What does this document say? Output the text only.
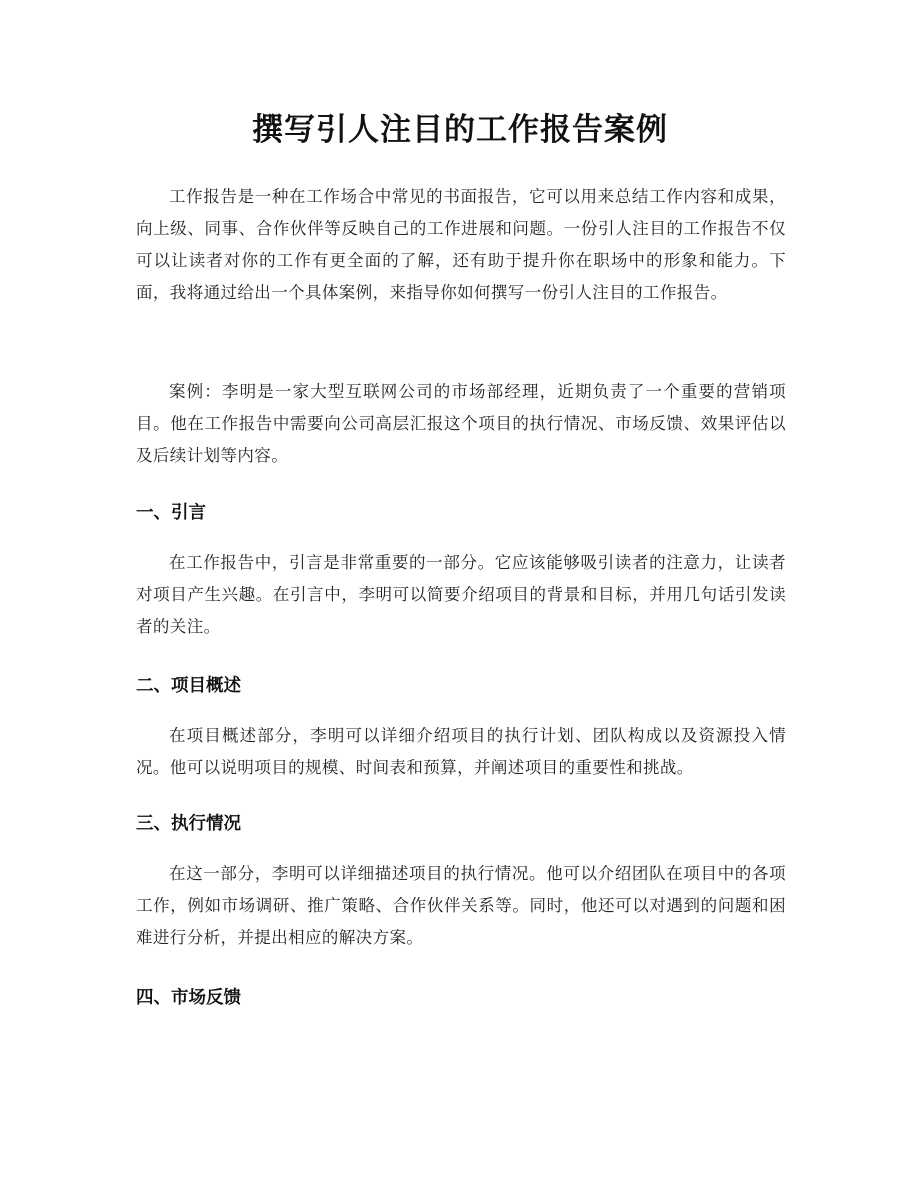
撰写引人注目的工作报告案例

工作报告是一种在工作场合中常见的书面报告，它可以用来总结工作内容和成果，向上级、同事、合作伙伴等反映自己的工作进展和问题。一份引人注目的工作报告不仅可以让读者对你的工作有更全面的了解，还有助于提升你在职场中的形象和能力。下面，我将通过给出一个具体案例，来指导你如何撰写一份引人注目的工作报告。

案例：李明是一家大型互联网公司的市场部经理，近期负责了一个重要的营销项目。他在工作报告中需要向公司高层汇报这个项目的执行情况、市场反馈、效果评估以及后续计划等内容。

一、引言

在工作报告中，引言是非常重要的一部分。它应该能够吸引读者的注意力，让读者对项目产生兴趣。在引言中，李明可以简要介绍项目的背景和目标，并用几句话引发读者的关注。

二、项目概述

在项目概述部分，李明可以详细介绍项目的执行计划、团队构成以及资源投入情况。他可以说明项目的规模、时间表和预算，并阐述项目的重要性和挑战。

三、执行情况

在这一部分，李明可以详细描述项目的执行情况。他可以介绍团队在项目中的各项工作，例如市场调研、推广策略、合作伙伴关系等。同时，他还可以对遇到的问题和困难进行分析，并提出相应的解决方案。

四、市场反馈
